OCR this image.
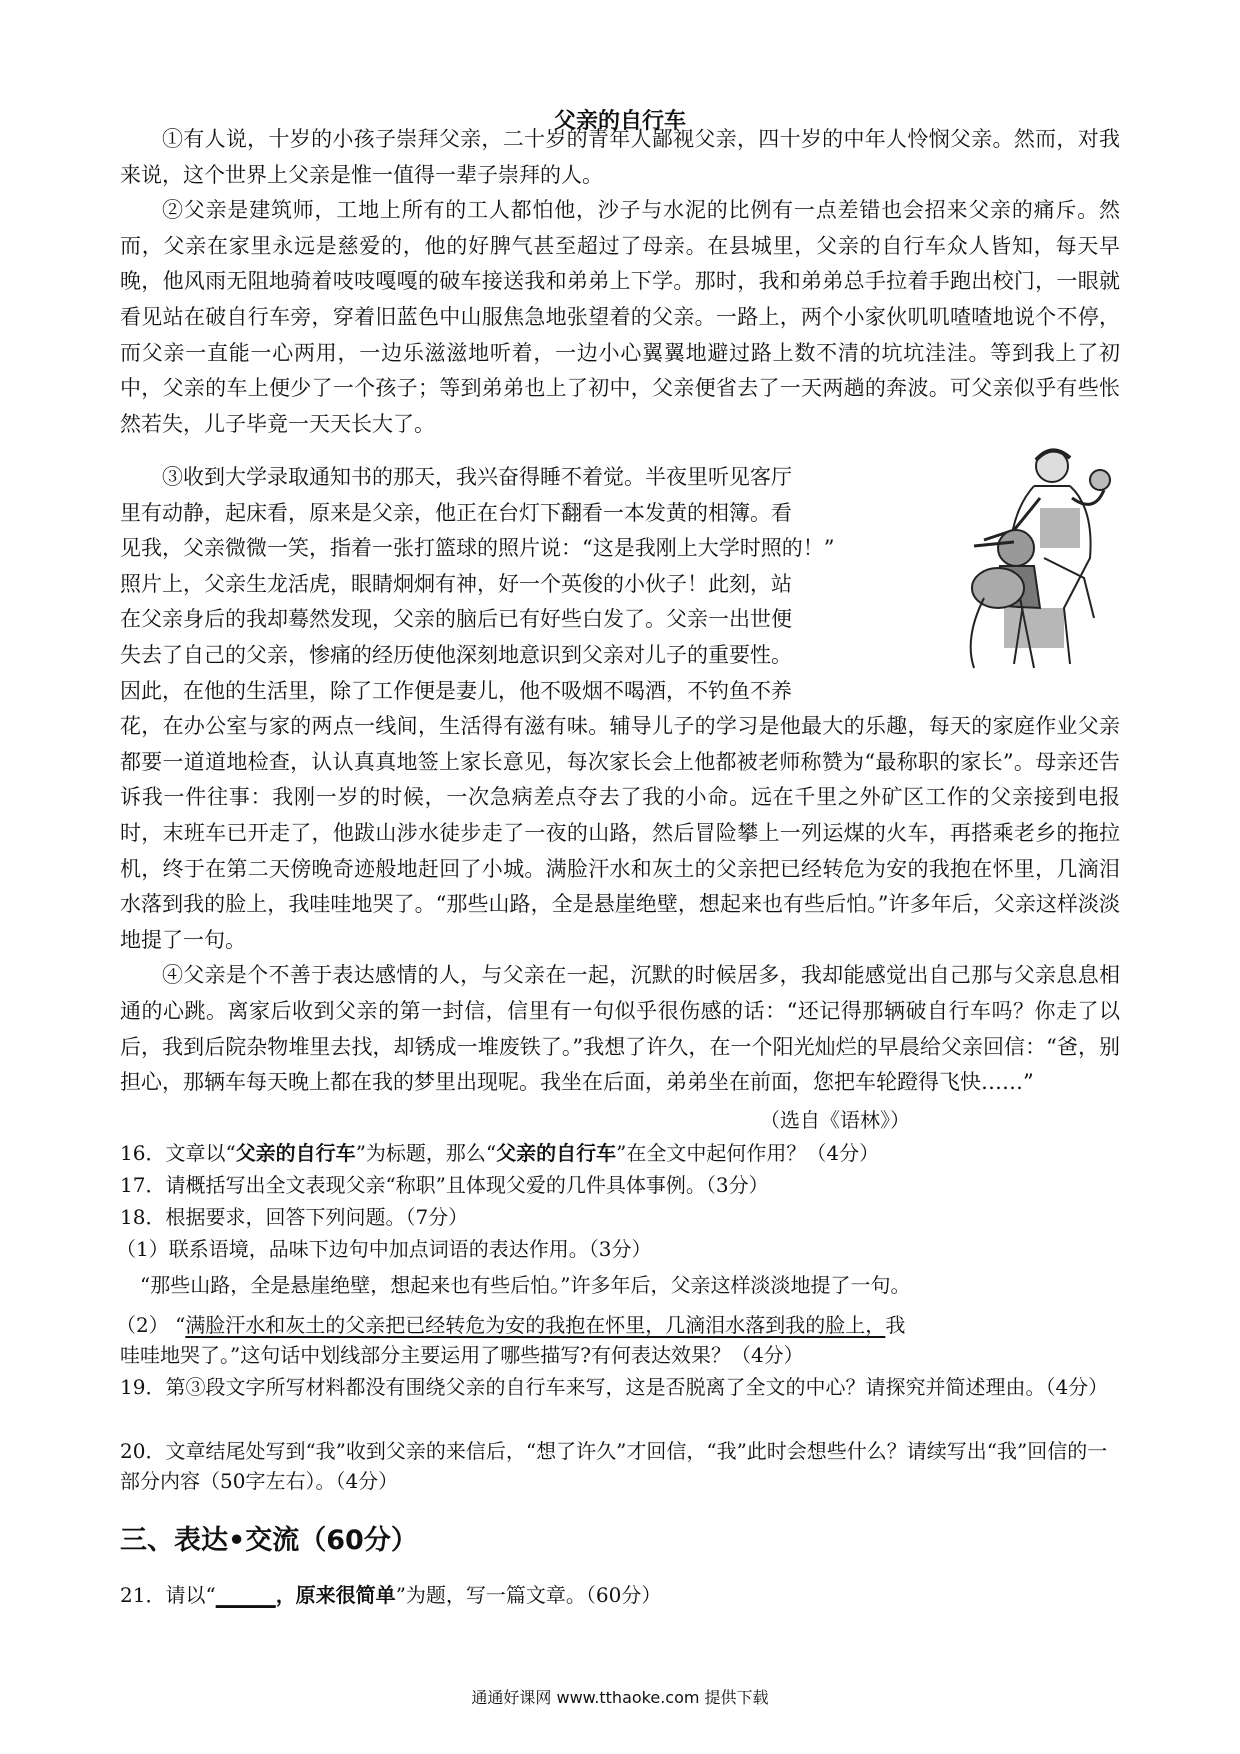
父亲的自行车

①有人说，十岁的小孩子崇拜父亲，二十岁的青年人鄙视父亲，四十岁的中年人怜悯父亲。然而，对我来说，这个世界上父亲是惟一值得一辈子崇拜的人。

②父亲是建筑师，工地上所有的工人都怕他，沙子与水泥的比例有一点差错也会招来父亲的痛斥。然而，父亲在家里永远是慈爱的，他的好脾气甚至超过了母亲。在县城里，父亲的自行车众人皆知，每天早晚，他风雨无阻地骑着吱吱嘎嘎的破车接送我和弟弟上下学。那时，我和弟弟总手拉着手跑出校门，一眼就看见站在破自行车旁，穿着旧蓝色中山服焦急地张望着的父亲。一路上，两个小家伙叽叽喳喳地说个不停，而父亲一直能一心两用，一边乐滋滋地听着，一边小心翼翼地避过路上数不清的坑坑洼洼。等到我上了初中，父亲的车上便少了一个孩子；等到弟弟也上了初中，父亲便省去了一天两趟的奔波。可父亲似乎有些怅然若失，儿子毕竟一天天长大了。

③收到大学录取通知书的那天，我兴奋得睡不着觉。半夜里听见客厅
里有动静，起床看，原来是父亲，他正在台灯下翻看一本发黄的相簿。看
见我，父亲微微一笑，指着一张打篮球的照片说：“这是我刚上大学时照的！”
照片上，父亲生龙活虎，眼睛炯炯有神，好一个英俊的小伙子！此刻，站
在父亲身后的我却蓦然发现，父亲的脑后已有好些白发了。父亲一出世便
失去了自己的父亲，惨痛的经历使他深刻地意识到父亲对儿子的重要性。
因此，在他的生活里，除了工作便是妻儿，他不吸烟不喝酒，不钓鱼不养

花，在办公室与家的两点一线间，生活得有滋有味。辅导儿子的学习是他最大的乐趣，每天的家庭作业父亲都要一道道地检查，认认真真地签上家长意见，每次家长会上他都被老师称赞为“最称职的家长”。母亲还告诉我一件往事：我刚一岁的时候，一次急病差点夺去了我的小命。远在千里之外矿区工作的父亲接到电报时，末班车已开走了，他跋山涉水徒步走了一夜的山路，然后冒险攀上一列运煤的火车，再搭乘老乡的拖拉机，终于在第二天傍晚奇迹般地赶回了小城。满脸汗水和灰土的父亲把已经转危为安的我抱在怀里，几滴泪水落到我的脸上，我哇哇地哭了。“那些山路，全是悬崖绝壁，想起来也有些后怕。”许多年后，父亲这样淡淡地提了一句。

④父亲是个不善于表达感情的人，与父亲在一起，沉默的时候居多，我却能感觉出自己那与父亲息息相通的心跳。离家后收到父亲的第一封信，信里有一句似乎很伤感的话：“还记得那辆破自行车吗？你走了以后，我到后院杂物堆里去找，却锈成一堆废铁了。”我想了许久，在一个阳光灿烂的早晨给父亲回信：“爸，别担心，那辆车每天晚上都在我的梦里出现呢。我坐在后面，弟弟坐在前面，您把车轮蹬得飞快……”

（选自《语林》）

16．文章以“父亲的自行车”为标题，那么“父亲的自行车”在全文中起何作用？（4分）

17．请概括写出全文表现父亲“称职”且体现父爱的几件具体事例。（3分）

18．根据要求，回答下列问题。（7分）

（1）联系语境，品味下边句中加点词语的表达作用。（3分）

“那些山路，全是悬崖绝壁，想起来也有些后怕。”许多年后，父亲这样淡淡地提了一句。

（2） “满脸汗水和灰土的父亲把已经转危为安的我抱在怀里，几滴泪水落到我的脸上，我

哇哇地哭了。”这句话中划线部分主要运用了哪些描写?有何表达效果？（4分）

19．第③段文字所写材料都没有围绕父亲的自行车来写，这是否脱离了全文的中心？请探究并简述理由。（4分）

20．文章结尾处写到“我”收到父亲的来信后，“想了许久”才回信，“我”此时会想些什么？请续写出“我”回信的一部分内容（50字左右）。（4分）

三、表达•交流（60分）

21．请以“______，原来很简单”为题，写一篇文章。（60分）

通通好课网 www.tthaoke.com 提供下载
